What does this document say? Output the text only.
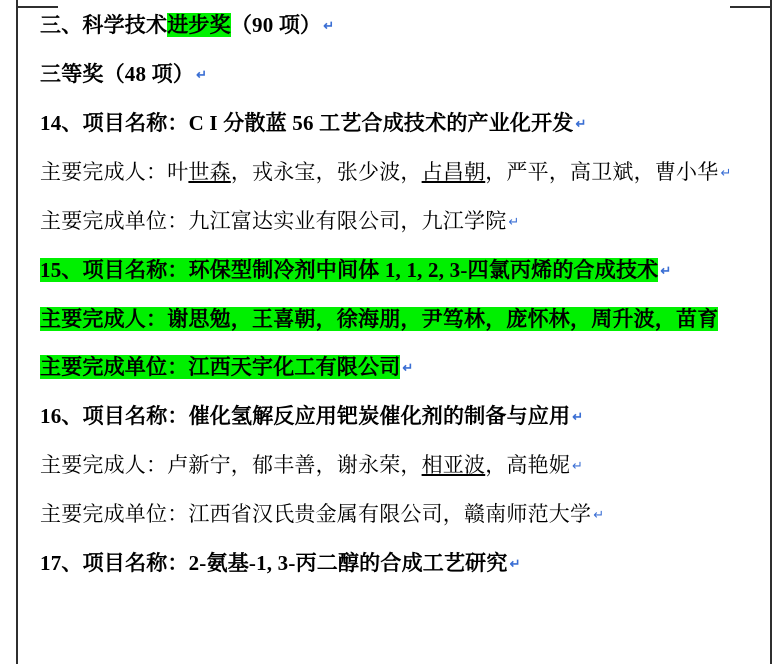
三、科学技术进步奖（90 项） ↵
三等奖（48 项） ↵
14、项目名称：C I 分散蓝 56 工艺合成技术的产业化开发 ↵
主要完成人：叶世森，戎永宝，张少波，占昌朝，严平，高卫斌，曹小华 ↵
主要完成单位：九江富达实业有限公司，九江学院 ↵
15、项目名称：环保型制冷剂中间体 1, 1, 2, 3-四氯丙烯的合成技术 ↵
主要完成人：谢思勉，王喜朝，徐海朋，尹笃林，庞怀林，周升波，苗育
主要完成单位：江西天宇化工有限公司 ↵
16、项目名称：催化氢解反应用钯炭催化剂的制备与应用 ↵
主要完成人：卢新宁，郁丰善，谢永荣，相亚波，高艳妮 ↵
主要完成单位：江西省汉氏贵金属有限公司，赣南师范大学 ↵
17、项目名称：2-氨基-1, 3-丙二醇的合成工艺研究 ↵
